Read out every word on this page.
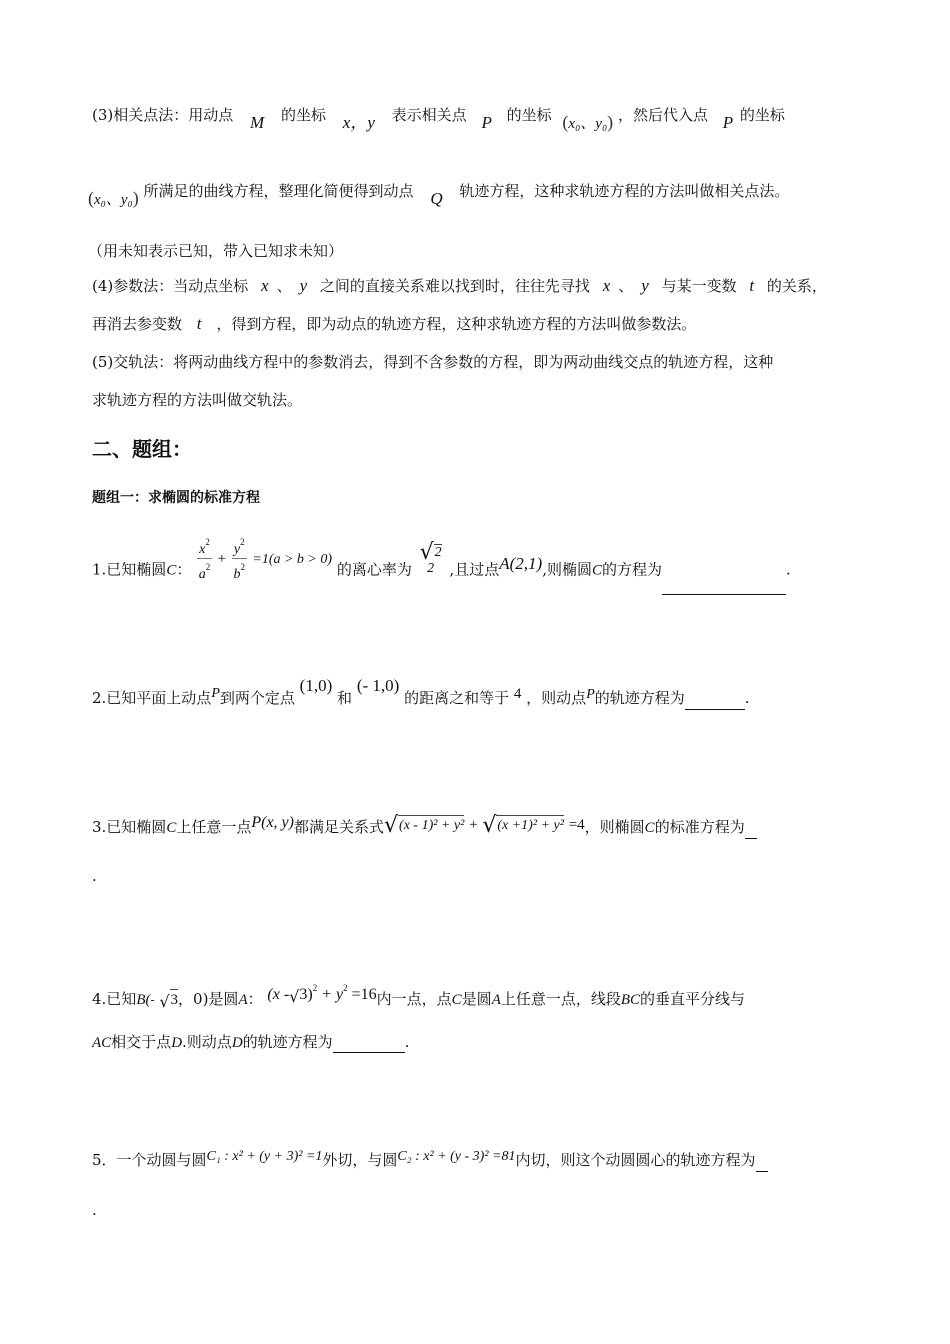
(3)相关点法：用动点 M 的坐标 x，y 表示相关点 P 的坐标 (x₀、y₀) ，然后代入点 P 的坐标
(x₀、y₀) 所满足的曲线方程，整理化简便得到动点 Q 轨迹方程，这种求轨迹方程的方法叫做相关点法。
（用未知表示已知，带入已知求未知）
(4)参数法：当动点坐标 x 、 y 之间的直接关系难以找到时，往往先寻找 x 、 y 与某一变数 t 的关系，
再消去参变数 t ，得到方程，即为动点的轨迹方程，这种求轨迹方程的方法叫做参数法。
(5)交轨法：将两动曲线方程中的参数消去，得到不含参数的方程，即为两动曲线交点的轨迹方程，这种
求轨迹方程的方法叫做交轨法。
二、题组：
题组一：求椭圆的标准方程
1.已知椭圆C： $\frac{x^2}{a^2} + \frac{y^2}{b^2} =1(a > b > 0)$ 的离心率为
√2
2	,且过点A(2,1),则椭圆C的方程为	.
2.已知平面上动点P到两个定点 (1,0) 和 (- 1,0) 的距离之和等于 4 ，则动点P的轨迹方程为	.
3.已知椭圆C上任意一点P(x, y)都满足关系式√(x - 1)² + y² + √(x +1)² + y² =4，则椭圆C的标准方程为
.
4.已知B(- √3，0)是圆A： (x $-√3)^2 + y^2 =16$内一点，点C是圆A上任意一点，线段BC的垂直平分线与
AC相交于点D.则动点D的轨迹方程为	.
5．一个动圆与圆C₁ : x² + (y + 3)² =1外切，与圆C₂ : x² + (y - 3)² =81内切，则这个动圆圆心的轨迹方程为
.
